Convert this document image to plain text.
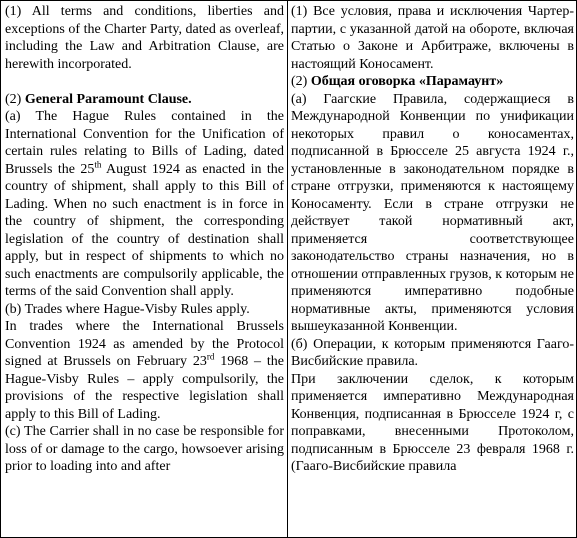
(1) All terms and conditions, liberties and exceptions of the Charter Party, dated as overleaf, including the Law and Arbitration Clause, are herewith incorporated.

(2) General Paramount Clause.

(a) The Hague Rules contained in the International Convention for the Unification of certain rules relating to Bills of Lading, dated Brussels the 25th August 1924 as enacted in the country of shipment, shall apply to this Bill of Lading. When no such enactment is in force in the country of shipment, the corresponding legislation of the country of destination shall apply, but in respect of shipments to which no such enactments are compulsorily applicable, the terms of the said Convention shall apply.

(b) Trades where Hague-Visby Rules apply.

In trades where the International Brussels Convention 1924 as amended by the Protocol signed at Brussels on February 23rd 1968 – the Hague-Visby Rules – apply compulsorily, the provisions of the respective legislation shall apply to this Bill of Lading.

(c) The Carrier shall in no case be responsible for loss of or damage to the cargo, howsoever arising prior to loading into and after

(1) Все условия, права и исключения Чартер-партии, с указанной датой на обороте, включая Статью о Законе и Арбитраже, включены в настоящий Коносамент.

(2) Общая оговорка «Парамаунт»

(а) Гаагские Правила, содержащиеся в Международной Конвенции по унификации некоторых правил о коносаментах, подписанной в Брюсселе 25 августа 1924 г., установленные в законодательном порядке в стране отгрузки, применяются к настоящему Коносаменту. Если в стране отгрузки не действует такой нормативный акт, применяется соответствующее законодательство страны назначения, но в отношении отправленных грузов, к которым не применяются императивно подобные нормативные акты, применяются условия вышеуказанной Конвенции.

(б) Операции, к которым применяются Гааго-Висбийские правила.

При заключении сделок, к которым применяется императивно Международная Конвенция, подписанная в Брюсселе 1924 г, с поправками, внесенными Протоколом, подписанным в Брюсселе 23 февраля 1968 г. (Гааго-Висбийские правила
